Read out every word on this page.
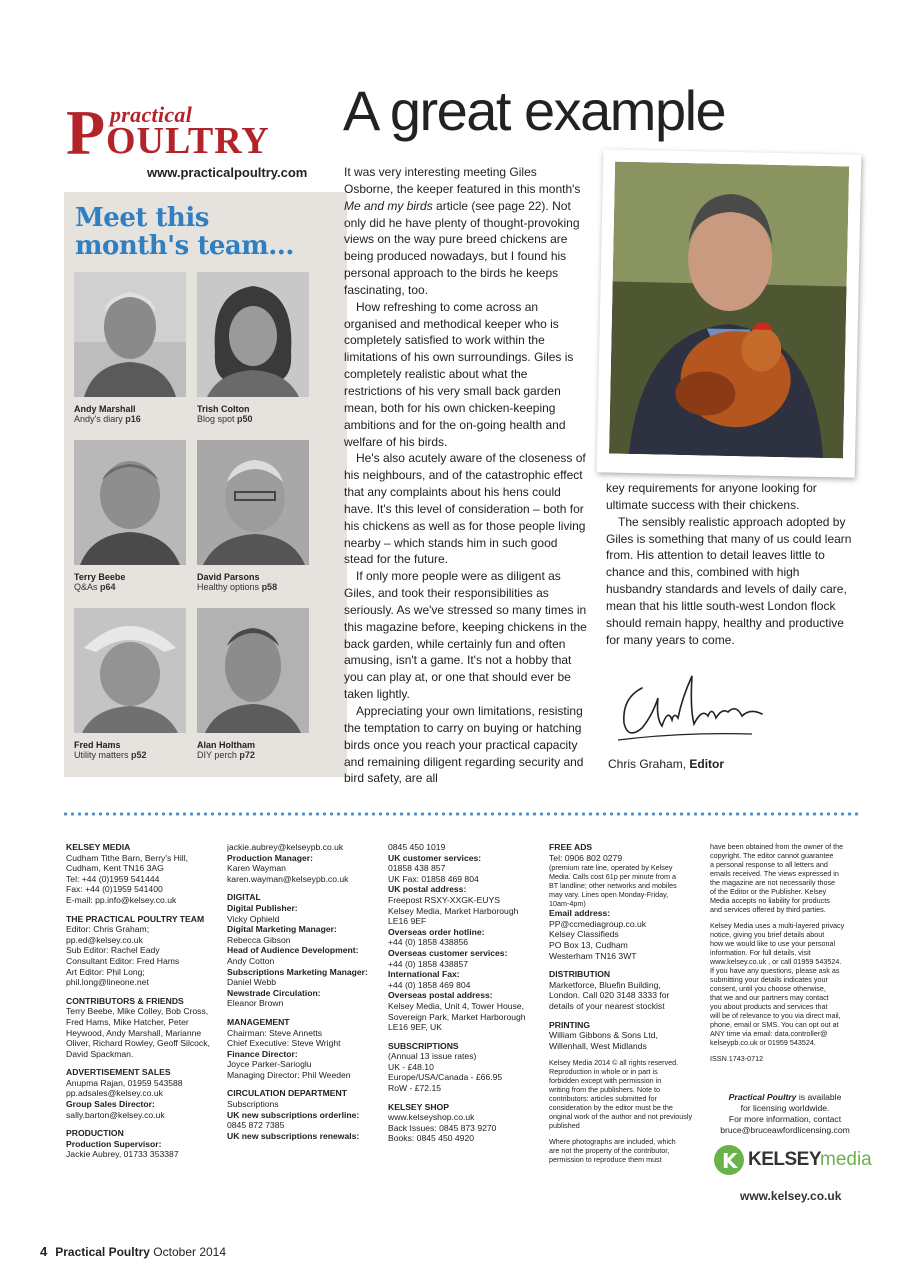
P practical
OULTRY
www.practicalpoultry.com
Meet this month's team...
Andy Marshall
Andy's diary p16
Trish Colton
Blog spot p50
Terry Beebe
Q&As p64
David Parsons
Healthy options p58
Fred Hams
Utility matters p52
Alan Holtham
DIY perch p72
A great example

It was very interesting meeting Giles Osborne, the keeper featured in this month's Me and my birds article (see page 22). Not only did he have plenty of thought-provoking views on the way pure breed chickens are being produced nowadays, but I found his personal approach to the birds he keeps fascinating, too.

How refreshing to come across an organised and methodical keeper who is completely satisfied to work within the limitations of his own surroundings. Giles is completely realistic about what the restrictions of his very small back garden mean, both for his own chicken-keeping ambitions and for the on-going health and welfare of his birds.

He's also acutely aware of the closeness of his neighbours, and of the catastrophic effect that any complaints about his hens could have. It's this level of consideration – both for his chickens as well as for those people living nearby – which stands him in such good stead for the future.

If only more people were as diligent as Giles, and took their responsibilities as seriously. As we've stressed so many times in this magazine before, keeping chickens in the back garden, while certainly fun and often amusing, isn't a game. It's not a hobby that you can play at, or one that should ever be taken lightly.

Appreciating your own limitations, resisting the temptation to carry on buying or hatching birds once you reach your practical capacity and remaining diligent regarding security and bird safety, are all

key requirements for anyone looking for ultimate success with their chickens.

The sensibly realistic approach adopted by Giles is something that many of us could learn from. His attention to detail leaves little to chance and this, combined with high husbandry standards and levels of daily care, mean that his little south-west London flock should remain happy, healthy and productive for many years to come.

Chris Graham, Editor
KELSEY MEDIA
Cudham Tithe Barn, Berry's Hill,
Cudham, Kent TN16 3AG
Tel: +44 (0)1959 541444
Fax: +44 (0)1959 541400
E-mail: pp.info@kelsey.co.uk
THE PRACTICAL POULTRY TEAM
Editor: Chris Graham;
pp.ed@kelsey.co.uk
Sub Editor: Rachel Eady
Consultant Editor: Fred Hams
Art Editor: Phil Long;
phil.long@lineone.net
CONTRIBUTORS & FRIENDS
Terry Beebe, Mike Colley, Bob Cross,
Fred Hams, Mike Hatcher, Peter
Heywood, Andy Marshall, Marianne
Oliver, Richard Rowley, Geoff Silcock,
David Spackman.
ADVERTISEMENT SALES
Anupma Rajan, 01959 543588
pp.adsales@kelsey.co.uk
Group Sales Director:
sally.barton@kelsey.co.uk
PRODUCTION
Production Supervisor:
Jackie Aubrey, 01733 353387
jackie.aubrey@kelseypb.co.uk
Production Manager:
Karen Wayman
karen.wayman@kelseypb.co.uk
DIGITAL
Digital Publisher:
Vicky Ophield
Digital Marketing Manager:
Rebecca Gibson
Head of Audience Development:
Andy Cotton
Subscriptions Marketing Manager:
Daniel Webb
Newstrade Circulation:
Eleanor Brown
MANAGEMENT
Chairman: Steve Annetts
Chief Executive: Steve Wright
Finance Director:
Joyce Parker-Sarioglu
Managing Director: Phil Weeden
CIRCULATION DEPARTMENT
Subscriptions
UK new subscriptions orderline:
0845 872 7385
UK new subscriptions renewals:
0845 450 1019
UK customer services:
01858 438 857
UK Fax: 01858 469 804
UK postal address:
Freepost RSXY-XXGK-EUYS
Kelsey Media, Market Harborough
LE16 9EF
Overseas order hotline:
+44 (0) 1858 438856
Overseas customer services:
+44 (0) 1858 438857
International Fax:
+44 (0) 1858 469 804
Overseas postal address:
Kelsey Media, Unit 4, Tower House,
Sovereign Park, Market Harborough
LE16 9EF, UK
SUBSCRIPTIONS
(Annual 13 issue rates)
UK - £48.10
Europe/USA/Canada - £66.95
RoW - £72.15
KELSEY SHOP
www.kelseyshop.co.uk
Back Issues: 0845 873 9270
Books: 0845 450 4920
FREE ADS
Tel: 0906 802 0279
(premium rate line, operated by Kelsey
Media. Calls cost 61p per minute from a
BT landline; other networks and mobiles
may vary. Lines open Monday-Friday,
10am-4pm)
Email address:
PP@ccmediagroup.co.uk
Kelsey Classifieds
PO Box 13, Cudham
Westerham TN16 3WT
DISTRIBUTION
Marketforce, Bluefin Building,
London. Call 020 3148 3333 for
details of your nearest stockist
PRINTING
William Gibbons & Sons Ltd,
Willenhall, West Midlands
Kelsey Media 2014 © all rights reserved.
Reproduction in whole or in part is
forbidden except with permission in
writing from the publishers. Note to
contributors: articles submitted for
consideration by the editor must be the
original work of the author and not previously published
Where photographs are included, which
are not the property of the contributor,
permission to reproduce them must
have been obtained from the owner of the
copyright. The editor cannot guarantee
a personal response to all letters and
emails received. The views expressed in
the magazine are not necessarily those
of the Editor or the Publisher. Kelsey
Media accepts no liability for products
and services offered by third parties.
Kelsey Media uses a multi-layered privacy
notice, giving you brief details about
how we would like to use your personal
information. For full details, visit
www.kelsey.co.uk , or call 01959 543524.
If you have any questions, please ask as
submitting your details indicates your
consent, until you choose otherwise,
that we and our partners may contact
you about products and services that
will be of relevance to you via direct mail,
phone, email or SMS. You can opt out at
ANY time via email: data.controller@
kelseypb.co.uk or 01959 543524.
ISSN 1743-0712
Practical Poultry is available
for licensing worldwide.
For more information, contact
bruce@bruceawfordlicensing.com
K KELSEY
media
www.kelsey.co.uk
4 Practical Poultry October 2014
